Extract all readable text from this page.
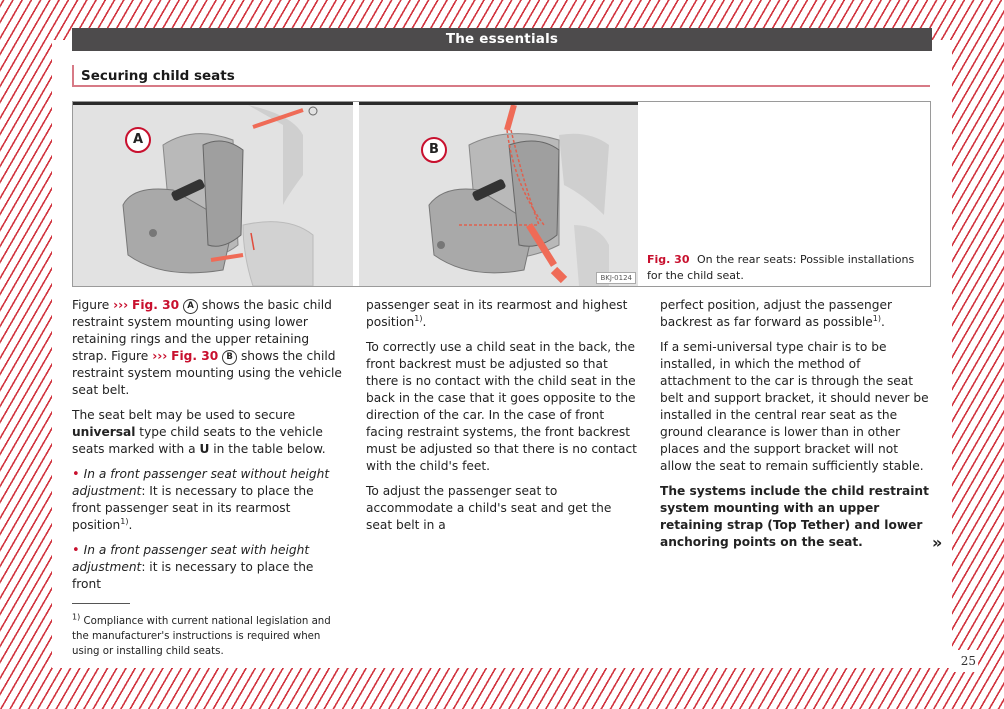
The essentials
Securing child seats
A
B
BKJ-0124
Fig. 30 On the rear seats: Possible installations for the child seat.

Figure ››› Fig. 30 A shows the basic child restraint system mounting using lower retaining rings and the upper retaining strap. Figure ››› Fig. 30 B shows the child restraint system mounting using the vehicle seat belt.

The seat belt may be used to secure universal type child seats to the vehicle seats marked with a U in the table below.

• In a front passenger seat without height adjustment: It is necessary to place the front passenger seat in its rearmost position$^{1)}$.

• In a front passenger seat with height adjustment: it is necessary to place the front

passenger seat in its rearmost and highest position$^{1)}$.

To correctly use a child seat in the back, the front backrest must be adjusted so that there is no contact with the child seat in the back in the case that it goes opposite to the direction of the car. In the case of front facing restraint systems, the front backrest must be adjusted so that there is no contact with the child's feet.

To adjust the passenger seat to accommodate a child's seat and get the seat belt in a

perfect position, adjust the passenger backrest as far forward as possible$^{1)}$.

If a semi-universal type chair is to be installed, in which the method of attachment to the car is through the seat belt and support bracket, it should never be installed in the central rear seat as the ground clearance is lower than in other places and the support bracket will not allow the seat to remain sufficiently stable.

The systems include the child restraint system mounting with an upper retaining strap (Top Tether) and lower anchoring points on the seat.	»
$^{1)}$ Compliance with current national legislation and the manufacturer's instructions is required when using or installing child seats.
25
